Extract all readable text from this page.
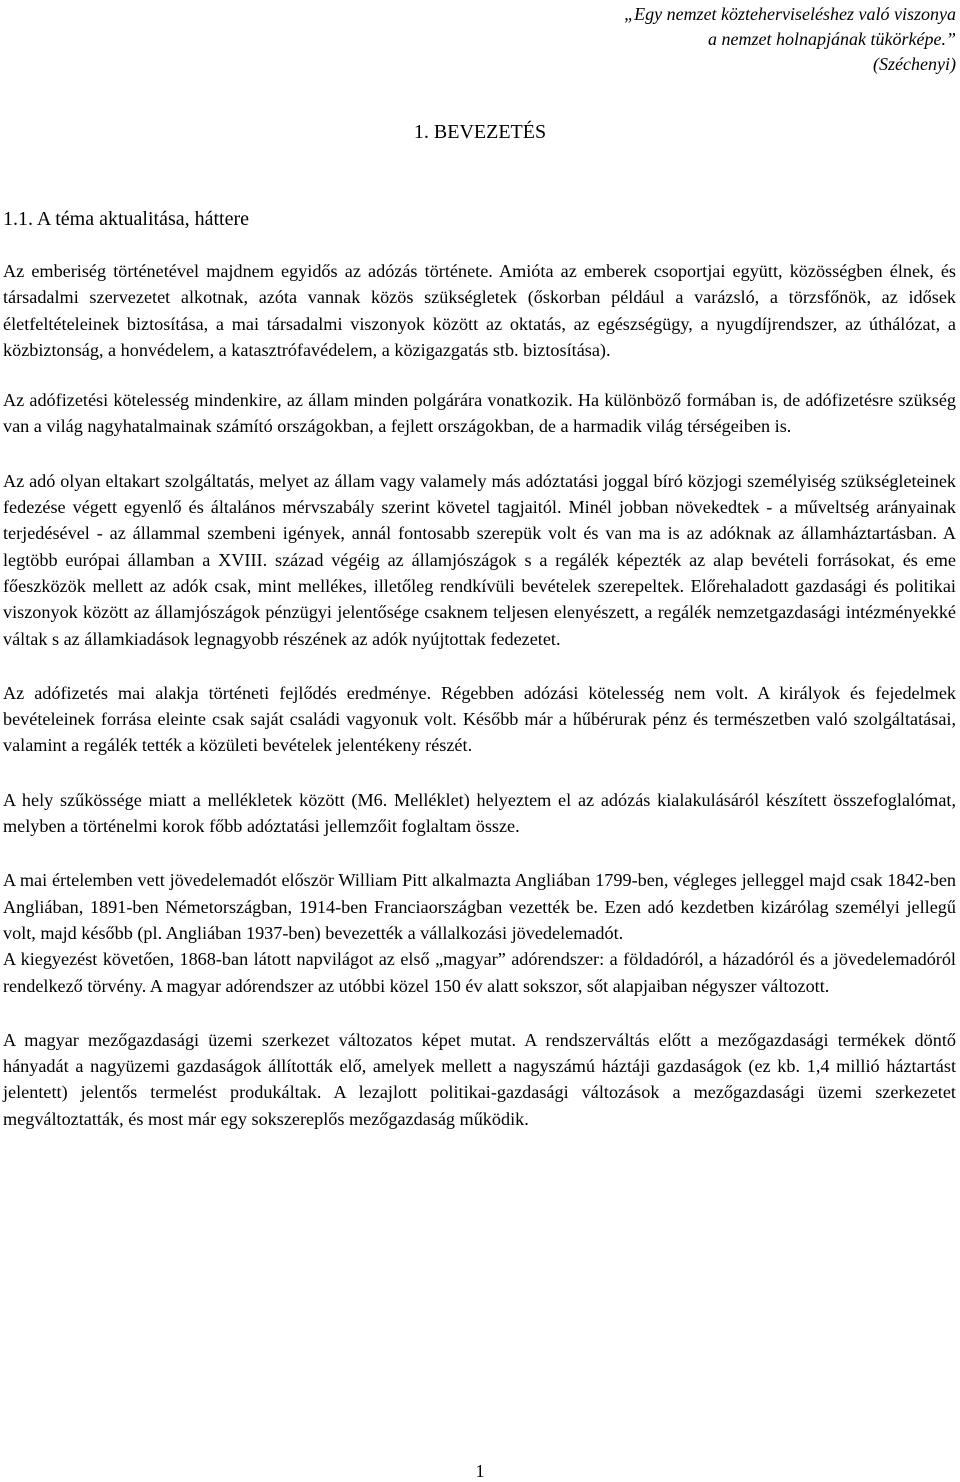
„Egy nemzet közteherviseléshez való viszonya
a nemzet holnapjának tükörképe.”
(Széchenyi)
1. BEVEZETÉS
1.1. A téma aktualitása, háttere

Az emberiség történetével majdnem egyidős az adózás története. Amióta az emberek csoportjai együtt, közösségben élnek, és társadalmi szervezetet alkotnak, azóta vannak közös szükségletek (őskorban például a varázsló, a törzsfőnök, az idősek életfeltételeinek biztosítása, a mai társadalmi viszonyok között az oktatás, az egészségügy, a nyugdíjrendszer, az úthálózat, a közbiztonság, a honvédelem, a katasztrófavédelem, a közigazgatás stb. biztosítása).

Az adófizetési kötelesség mindenkire, az állam minden polgárára vonatkozik. Ha különböző formában is, de adófizetésre szükség van a világ nagyhatalmainak számító országokban, a fejlett országokban, de a harmadik világ térségeiben is.

Az adó olyan eltakart szolgáltatás, melyet az állam vagy valamely más adóztatási joggal bíró közjogi személyiség szükségleteinek fedezése végett egyenlő és általános mérvszabály szerint követel tagjaitól. Minél jobban növekedtek - a műveltség arányainak terjedésével - az állammal szembeni igények, annál fontosabb szerepük volt és van ma is az adóknak az államháztartásban. A legtöbb európai államban a XVIII. század végéig az államjószágok s a regálék képezték az alap bevételi forrásokat, és eme főeszközök mellett az adók csak, mint mellékes, illetőleg rendkívüli bevételek szerepeltek. Előrehaladott gazdasági és politikai viszonyok között az államjószágok pénzügyi jelentősége csaknem teljesen elenyészett, a regálék nemzetgazdasági intézményekké váltak s az államkiadások legnagyobb részének az adók nyújtottak fedezetet.

Az adófizetés mai alakja történeti fejlődés eredménye. Régebben adózási kötelesség nem volt. A királyok és fejedelmek bevételeinek forrása eleinte csak saját családi vagyonuk volt. Később már a hűbérurak pénz és természetben való szolgáltatásai, valamint a regálék tették a közületi bevételek jelentékeny részét.

A hely szűkössége miatt a mellékletek között (M6. Melléklet) helyeztem el az adózás kialakulásáról készített összefoglalómat, melyben a történelmi korok főbb adóztatási jellemzőit foglaltam össze.

A mai értelemben vett jövedelemadót először William Pitt alkalmazta Angliában 1799-ben, végleges jelleggel majd csak 1842-ben Angliában, 1891-ben Németországban, 1914-ben Franciaországban vezették be. Ezen adó kezdetben kizárólag személyi jellegű volt, majd később (pl. Angliában 1937-ben) bevezették a vállalkozási jövedelemadót.

A kiegyezést követően, 1868-ban látott napvilágot az első „magyar” adórendszer: a földadóról, a házadóról és a jövedelemadóról rendelkező törvény. A magyar adórendszer az utóbbi közel 150 év alatt sokszor, sőt alapjaiban négyszer változott.

A magyar mezőgazdasági üzemi szerkezet változatos képet mutat. A rendszerváltás előtt a mezőgazdasági termékek döntő hányadát a nagyüzemi gazdaságok állították elő, amelyek mellett a nagyszámú háztáji gazdaságok (ez kb. 1,4 millió háztartást jelentett) jelentős termelést produkáltak. A lezajlott politikai-gazdasági változások a mezőgazdasági üzemi szerkezetet megváltoztatták, és most már egy sokszereplős mezőgazdaság működik.

1
